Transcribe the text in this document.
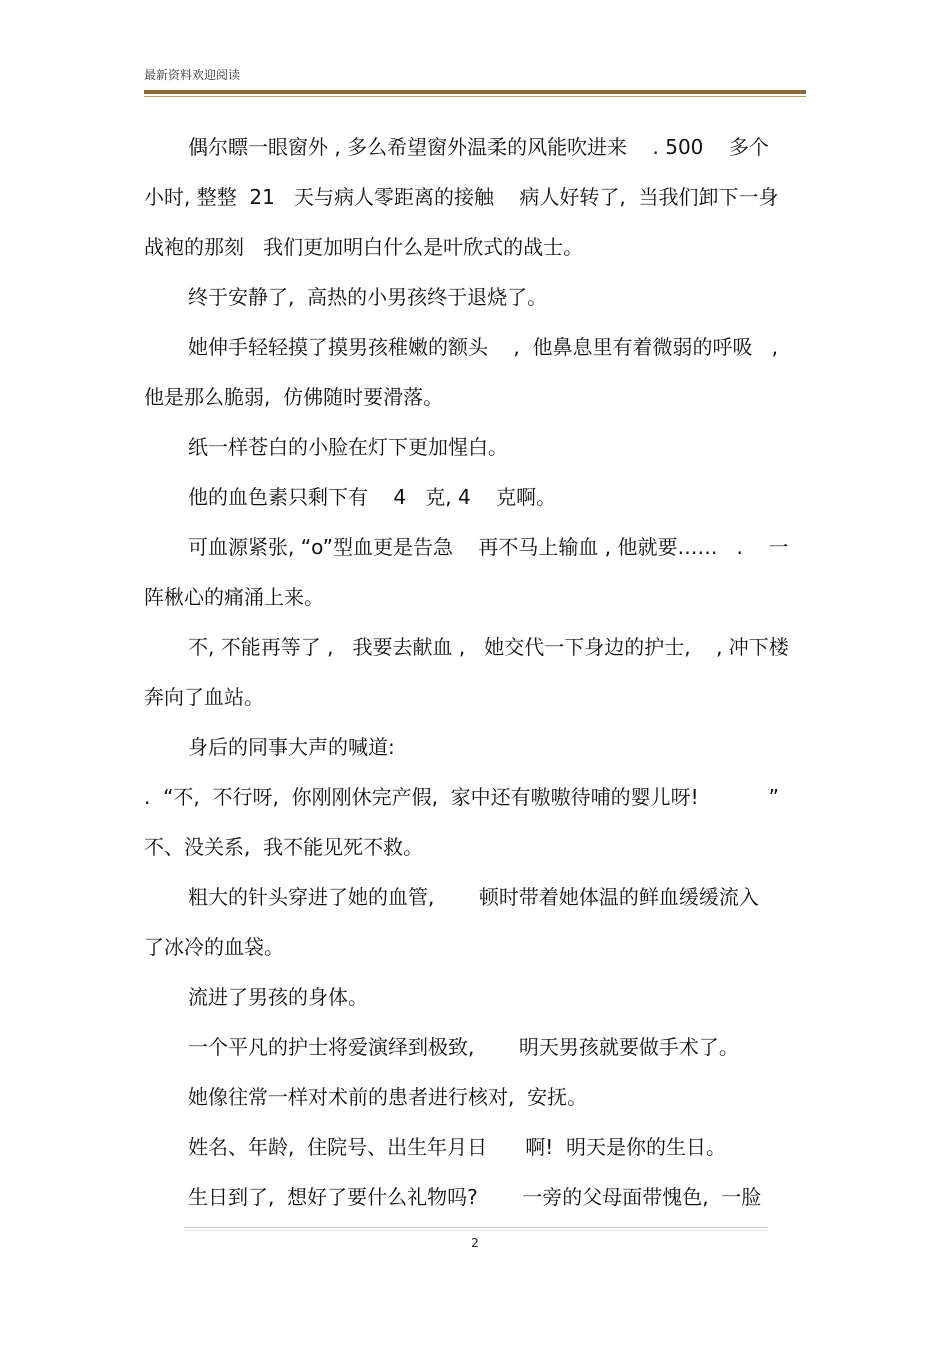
最新资料欢迎阅读
偶尔瞟一眼窗外 , 多么希望窗外温柔的风能吹进来    . 500    多个
小时, 整整  21   天与病人零距离的接触    病人好转了,  当我们卸下一身
战袍的那刻   我们更加明白什么是叶欣式的战士。
终于安静了,  高热的小男孩终于退烧了。
她伸手轻轻摸了摸男孩稚嫩的额头    ,  他鼻息里有着微弱的呼吸   ,
他是那么脆弱,  仿佛随时要滑落。
纸一样苍白的小脸在灯下更加惺白。
他的血色素只剩下有    4   克, 4    克啊。
可血源紧张, “o”型血更是告急    再不马上输血 , 他就要……   .    一
阵楸心的痛涌上来。
不, 不能再等了 ,   我要去献血 ,   她交代一下身边的护士,    , 冲下楼
奔向了血站。
身后的同事大声的喊道:
.  “不,  不行呀,  你刚刚休完产假,  家中还有嗷嗷待哺的婴儿呀!           ”
不、没关系,  我不能见死不救。
粗大的针头穿进了她的血管,       顿时带着她体温的鲜血缓缓流入
了冰冷的血袋。
流进了男孩的身体。
一个平凡的护士将爱演绎到极致,       明天男孩就要做手术了。
她像往常一样对术前的患者进行核对,  安抚。
姓名、年龄,  住院号、出生年月日      啊!  明天是你的生日。
生日到了,  想好了要什么礼物吗?       一旁的父母面带愧色,  一脸
2
